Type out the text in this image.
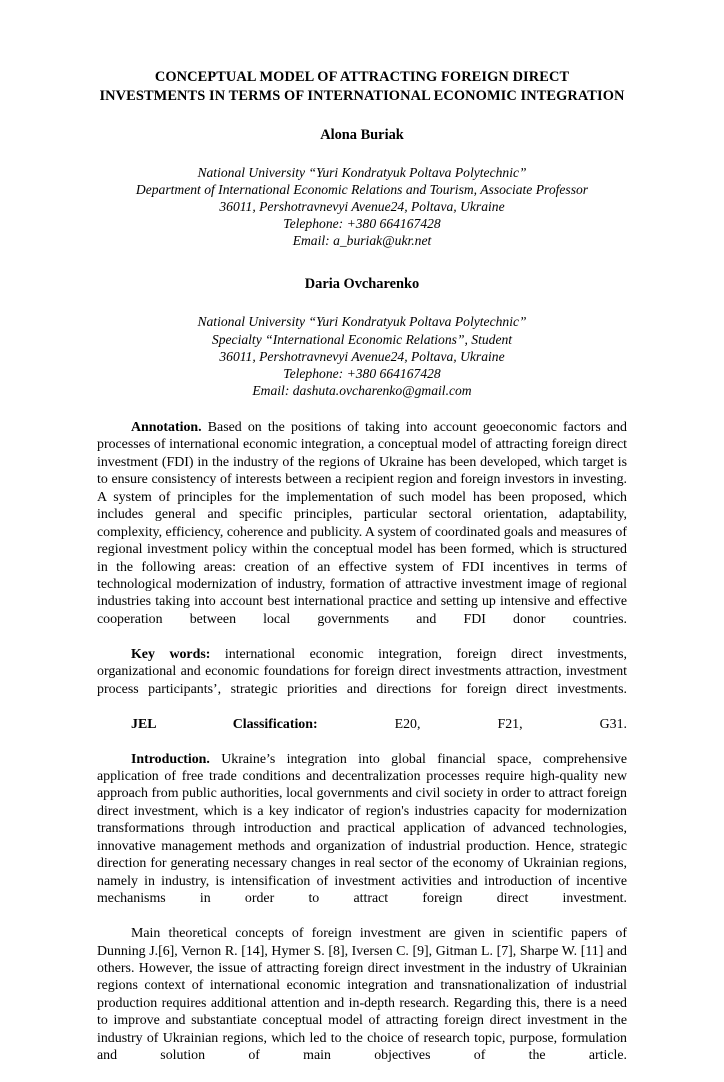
CONCEPTUAL MODEL OF ATTRACTING FOREIGN DIRECT
INVESTMENTS IN TERMS OF INTERNATIONAL ECONOMIC INTEGRATION
Alona Buriak
National University “Yuri Kondratyuk Poltava Polytechnic”
Department of International Economic Relations and Tourism, Associate Professor
36011, Pershotravnevyi Avenue24, Poltava, Ukraine
Telephone: +380 664167428
Email: a_buriak@ukr.net
Daria Ovcharenko
National University “Yuri Kondratyuk Poltava Polytechnic”
Specialty “International Economic Relations”, Student
36011, Pershotravnevyi Avenue24, Poltava, Ukraine
Telephone: +380 664167428
Email: dashuta.ovcharenko@gmail.com

Annotation. Based on the positions of taking into account geoeconomic factors and processes of international economic integration, a conceptual model of attracting foreign direct investment (FDI) in the industry of the regions of Ukraine has been developed, which target is to ensure consistency of interests between a recipient region and foreign investors in investing. A system of principles for the implementation of such model has been proposed, which includes general and specific principles, particular sectoral orientation, adaptability, complexity, efficiency, coherence and publicity. A system of coordinated goals and measures of regional investment policy within the conceptual model has been formed, which is structured in the following areas: creation of an effective system of FDI incentives in terms of technological modernization of industry, formation of attractive investment image of regional industries taking into account best international practice and setting up intensive and effective cooperation between local governments and FDI donor countries.

Key words: international economic integration, foreign direct investments, organizational and economic foundations for foreign direct investments attraction, investment process participants’, strategic priorities and directions for foreign direct investments.

JEL Classification: E20, F21, G31.

Introduction. Ukraine’s integration into global financial space, comprehensive application of free trade conditions and decentralization processes require high-quality new approach from public authorities, local governments and civil society in order to attract foreign direct investment, which is a key indicator of region's industries capacity for modernization transformations through introduction and practical application of advanced technologies, innovative management methods and organization of industrial production. Hence, strategic direction for generating necessary changes in real sector of the economy of Ukrainian regions, namely in industry, is intensification of investment activities and introduction of incentive mechanisms in order to attract foreign direct investment.

Main theoretical concepts of foreign investment are given in scientific papers of Dunning J.[6], Vernon R. [14], Hymer S. [8], Iversen C. [9], Gitman L. [7], Sharpe W. [11] and others. However, the issue of attracting foreign direct investment in the industry of Ukrainian regions context of international economic integration and transnationalization of industrial production requires additional attention and in-depth research. Regarding this, there is a need to improve and substantiate conceptual model of attracting foreign direct investment in the industry of Ukrainian regions, which led to the choice of research topic, purpose, formulation and solution of main objectives of the article.
